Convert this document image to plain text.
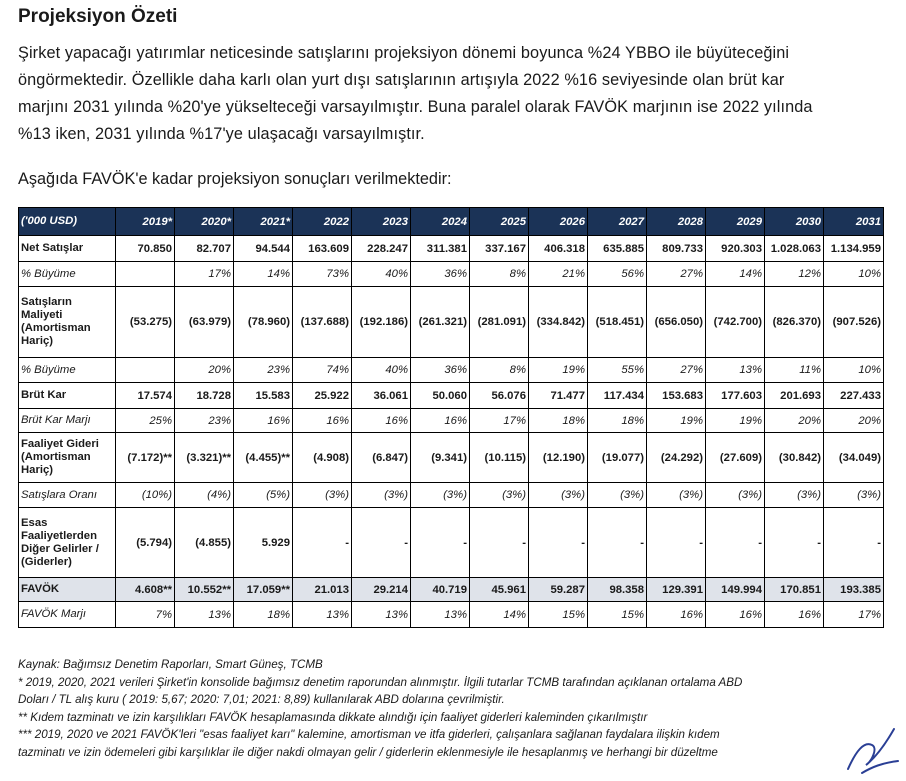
Projeksiyon Özeti
Şirket yapacağı yatırımlar neticesinde satışlarını projeksiyon dönemi boyunca %24 YBBO ile büyüteceğini
öngörmektedir. Özellikle daha karlı olan yurt dışı satışlarının artışıyla 2022 %16 seviyesinde olan brüt kar
marjını 2031 yılında %20'ye yükselteceği varsayılmıştır. Buna paralel olarak FAVÖK marjının ise 2022 yılında
%13 iken, 2031 yılında %17'ye ulaşacağı varsayılmıştır.
Aşağıda FAVÖK'e kadar projeksiyon sonuçları verilmektedir:
('000 USD)	2019*	2020*	2021*	2022	2023	2024	2025	2026	2027	2028	2029	2030	2031
Net Satışlar	70.850	82.707	94.544	163.609	228.247	311.381	337.167	406.318	635.885	809.733	920.303	1.028.063	1.134.959
% Büyüme		17%	14%	73%	40%	36%	8%	21%	56%	27%	14%	12%	10%
Satışların Maliyeti (Amortisman Hariç)	(53.275)	(63.979)	(78.960)	(137.688)	(192.186)	(261.321)	(281.091)	(334.842)	(518.451)	(656.050)	(742.700)	(826.370)	(907.526)
% Büyüme		20%	23%	74%	40%	36%	8%	19%	55%	27%	13%	11%	10%
Brüt Kar	17.574	18.728	15.583	25.922	36.061	50.060	56.076	71.477	117.434	153.683	177.603	201.693	227.433
Brüt Kar Marjı	25%	23%	16%	16%	16%	16%	17%	18%	18%	19%	19%	20%	20%
Faaliyet Gideri (Amortisman Hariç)	(7.172)**	(3.321)**	(4.455)**	(4.908)	(6.847)	(9.341)	(10.115)	(12.190)	(19.077)	(24.292)	(27.609)	(30.842)	(34.049)
Satışlara Oranı	(10%)	(4%)	(5%)	(3%)	(3%)	(3%)	(3%)	(3%)	(3%)	(3%)	(3%)	(3%)	(3%)
Esas Faaliyetlerden Diğer Gelirler / (Giderler)	(5.794)	(4.855)	5.929	-	-	-	-	-	-	-	-	-	-
FAVÖK	4.608**	10.552**	17.059**	21.013	29.214	40.719	45.961	59.287	98.358	129.391	149.994	170.851	193.385
FAVÖK Marjı	7%	13%	18%	13%	13%	13%	14%	15%	15%	16%	16%	16%	17%
Kaynak: Bağımsız Denetim Raporları, Smart Güneş, TCMB
* 2019, 2020, 2021 verileri Şirket'in konsolide bağımsız denetim raporundan alınmıştır. İlgili tutarlar TCMB tarafından açıklanan ortalama ABD
Doları / TL alış kuru ( 2019: 5,67; 2020: 7,01; 2021: 8,89) kullanılarak ABD dolarına çevrilmiştir.
** Kıdem tazminatı ve izin karşılıkları FAVÖK hesaplamasında dikkate alındığı için faaliyet giderleri kaleminden çıkarılmıştır
*** 2019, 2020 ve 2021 FAVÖK'leri "esas faaliyet karı" kalemine, amortisman ve itfa giderleri, çalışanlara sağlanan faydalara ilişkin kıdem
tazminatı ve izin ödemeleri gibi karşılıklar ile diğer nakdi olmayan gelir / giderlerin eklenmesiyle ile hesaplanmış ve herhangi bir düzeltme
